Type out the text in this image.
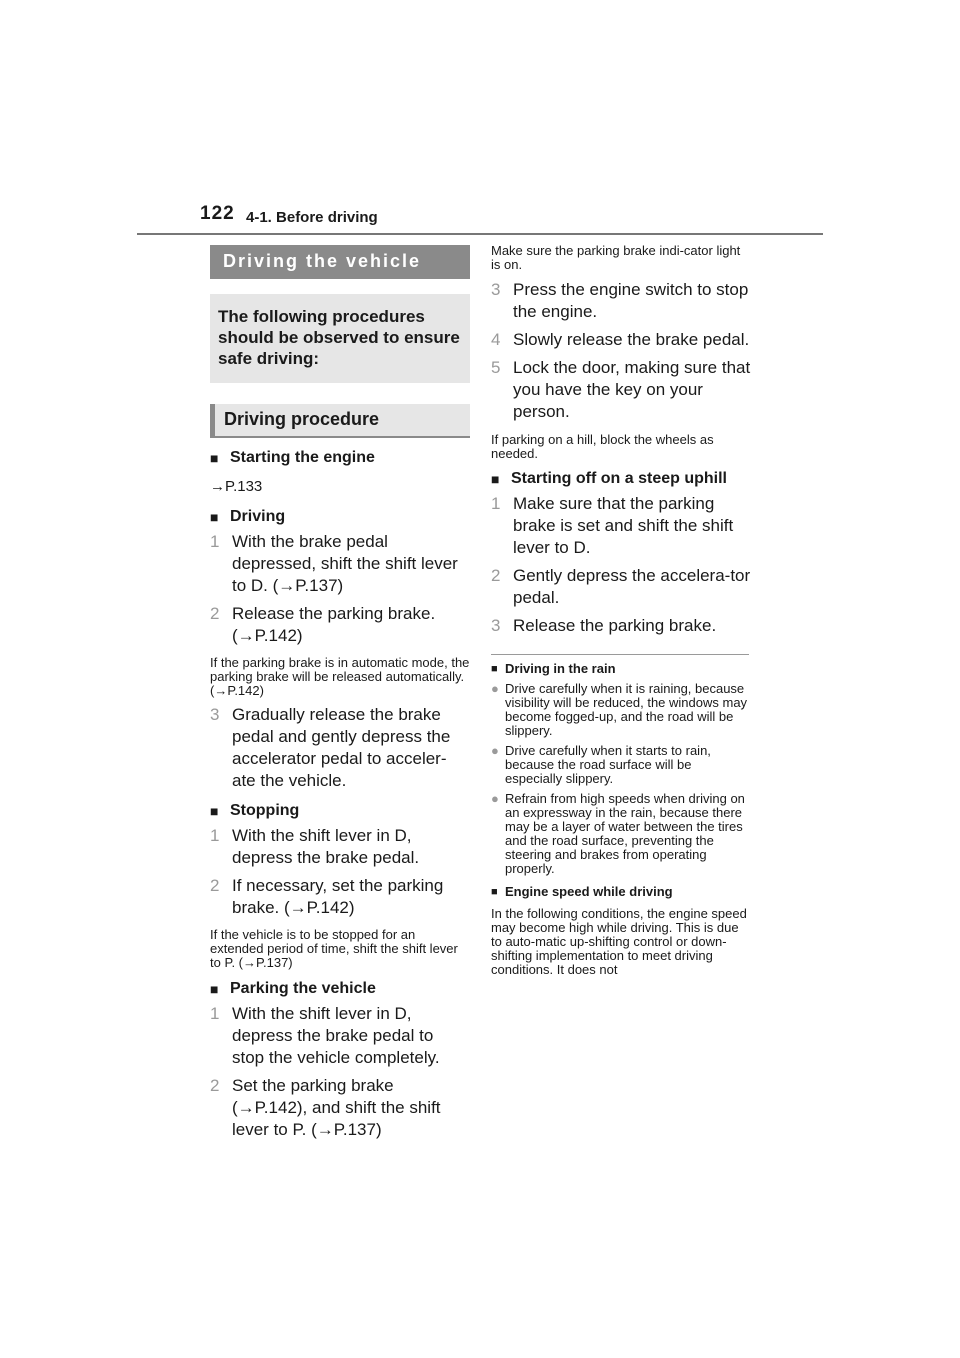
122 4-1. Before driving
Driving the vehicle
The following procedures should be observed to ensure safe driving:
Driving procedure
■ Starting the engine
→P.133
■ Driving
1 With the brake pedal depressed, shift the shift lever to D. (→P.137)
2 Release the parking brake. (→P.142)
If the parking brake is in automatic mode, the parking brake will be released automatically. (→P.142)
3 Gradually release the brake pedal and gently depress the accelerator pedal to acceler-ate the vehicle.
■ Stopping
1 With the shift lever in D, depress the brake pedal.
2 If necessary, set the parking brake. (→P.142)
If the vehicle is to be stopped for an extended period of time, shift the shift lever to P. (→P.137)
■ Parking the vehicle
1 With the shift lever in D, depress the brake pedal to stop the vehicle completely.
2 Set the parking brake (→P.142), and shift the shift lever to P. (→P.137)
Make sure the parking brake indi-cator light is on.
3 Press the engine switch to stop the engine.
4 Slowly release the brake pedal.
5 Lock the door, making sure that you have the key on your person.
If parking on a hill, block the wheels as needed.
■ Starting off on a steep uphill
1 Make sure that the parking brake is set and shift the shift lever to D.
2 Gently depress the accelera-tor pedal.
3 Release the parking brake.
■ Driving in the rain
● Drive carefully when it is raining, because visibility will be reduced, the windows may become fogged-up, and the road will be slippery.
● Drive carefully when it starts to rain, because the road surface will be especially slippery.
● Refrain from high speeds when driving on an expressway in the rain, because there may be a layer of water between the tires and the road surface, preventing the steering and brakes from operating properly.
■ Engine speed while driving
In the following conditions, the engine speed may become high while driving. This is due to auto-matic up-shifting control or down-shifting implementation to meet driving conditions. It does not
